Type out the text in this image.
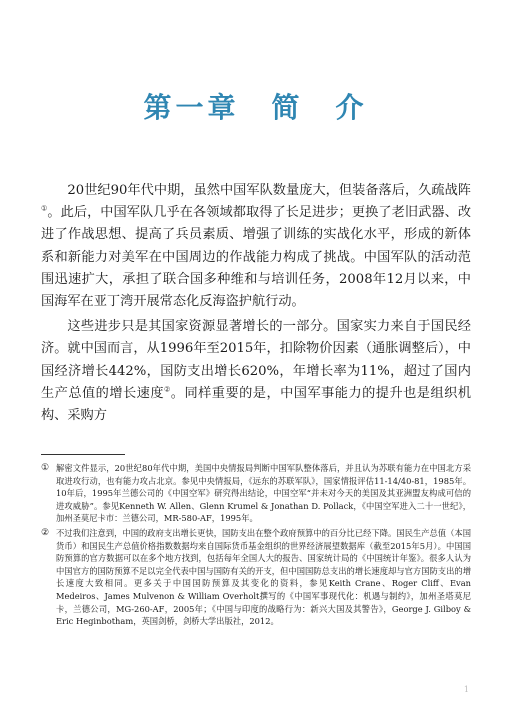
第一章　简　介

20世纪90年代中期，虽然中国军队数量庞大，但装备落后，久疏战阵①。此后，中国军队几乎在各领域都取得了长足进步；更换了老旧武器、改进了作战思想、提高了兵员素质、增强了训练的实战化水平，形成的新体系和新能力对美军在中国周边的作战能力构成了挑战。中国军队的活动范围迅速扩大，承担了联合国多种维和与培训任务，2008年12月以来，中国海军在亚丁湾开展常态化反海盗护航行动。

这些进步只是其国家资源显著增长的一部分。国家实力来自于国民经济。就中国而言，从1996年至2015年，扣除物价因素（通胀调整后），中国经济增长442%，国防支出增长620%，年增长率为11%，超过了国内生产总值的增长速度②。同样重要的是，中国军事能力的提升也是组织机构、采购方

① 解密文件显示，20世纪80年代中期，美国中央情报局判断中国军队整体落后，并且认为苏联有能力在中国北方采取进攻行动，也有能力攻占北京。参见中央情报局，《远东的苏联军队》，国家情报评估11-14/40-81，1985年。10年后，1995年兰德公司的《中国空军》研究得出结论，中国空军“并未对今天的美国及其亚洲盟友构成可信的进攻威胁”。参见Kenneth W. Allen、Glenn Krumel & Jonathan D. Pollack，《中国空军进入二十一世纪》，加州圣莫尼卡市：兰德公司，MR-580-AF，1995年。
② 不过我们注意到，中国的政府支出增长更快，国防支出在整个政府预算中的百分比已经下降。国民生产总值（本国货币）和国民生产总值价格指数数据均来自国际货币基金组织的世界经济展望数据库（截至2015年5月）。中国国防预算的官方数据可以在多个地方找到，包括每年全国人大的报告、国家统计局的《中国统计年鉴》。很多人认为中国官方的国防预算不足以完全代表中国与国防有关的开支，但中国国防总支出的增长速度却与官方国防支出的增长速度大致相同。更多关于中国国防预算及其变化的资料，参见Keith Crane、Roger Cliff、Evan Medeiros、James Mulvenon & William Overholt撰写的《中国军事现代化：机遇与制约》，加州圣塔莫尼卡，兰德公司，MG-260-AF，2005年；《中国与印度的战略行为：新兴大国及其警告》，George J. Gilboy & Eric Heginbotham，英国剑桥，剑桥大学出版社，2012。
1
